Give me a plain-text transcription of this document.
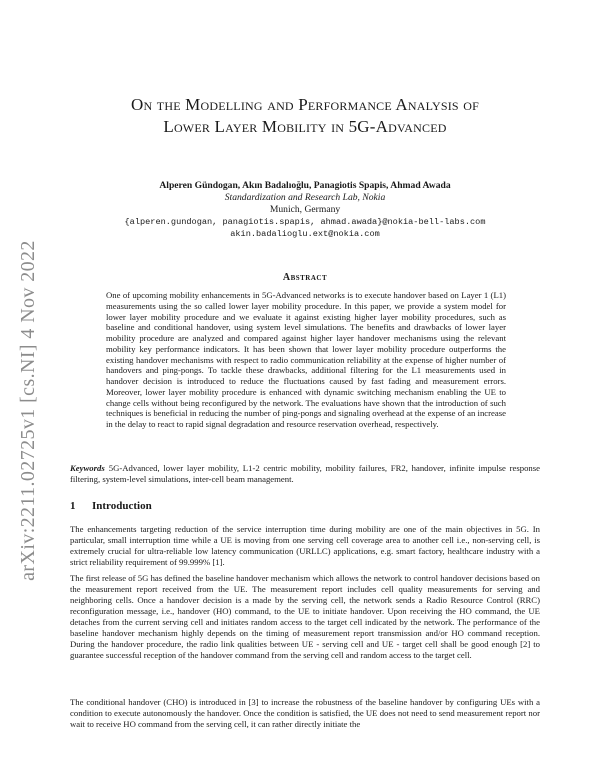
arXiv:2211.02725v1 [cs.NI] 4 Nov 2022
On the Modelling and Performance Analysis of
Lower Layer Mobility in 5G-Advanced
Alperen Gündogan, Akın Badalıoğlu, Panagiotis Spapis, Ahmad Awada
Standardization and Research Lab, Nokia
Munich, Germany
{alperen.gundogan, panagiotis.spapis, ahmad.awada}@nokia-bell-labs.com
akin.badalioglu.ext@nokia.com
Abstract
One of upcoming mobility enhancements in 5G-Advanced networks is to execute handover based on Layer 1 (L1) measurements using the so called lower layer mobility procedure. In this paper, we provide a system model for lower layer mobility procedure and we evaluate it against existing higher layer mobility procedures, such as baseline and conditional handover, using system level simulations. The benefits and drawbacks of lower layer mobility procedure are analyzed and compared against higher layer handover mechanisms using the relevant mobility key performance indicators. It has been shown that lower layer mobility procedure outperforms the existing handover mechanisms with respect to radio communication reliability at the expense of higher number of handovers and ping-pongs. To tackle these drawbacks, additional filtering for the L1 measurements used in handover decision is introduced to reduce the fluctuations caused by fast fading and measurement errors. Moreover, lower layer mobility procedure is enhanced with dynamic switching mechanism enabling the UE to change cells without being reconfigured by the network. The evaluations have shown that the introduction of such techniques is beneficial in reducing the number of ping-pongs and signaling overhead at the expense of an increase in the delay to react to rapid signal degradation and resource reservation overhead, respectively.
Keywords 5G-Advanced, lower layer mobility, L1-2 centric mobility, mobility failures, FR2, handover, infinite impulse response filtering, system-level simulations, inter-cell beam management.
1 Introduction
The enhancements targeting reduction of the service interruption time during mobility are one of the main objectives in 5G. In particular, small interruption time while a UE is moving from one serving cell coverage area to another cell i.e., non-serving cell, is extremely crucial for ultra-reliable low latency communication (URLLC) applications, e.g. smart factory, healthcare industry with a strict reliability requirement of 99.999% [1].
The first release of 5G has defined the baseline handover mechanism which allows the network to control handover decisions based on the measurement report received from the UE. The measurement report includes cell quality measurements for serving and neighboring cells. Once a handover decision is a made by the serving cell, the network sends a Radio Resource Control (RRC) reconfiguration message, i.e., handover (HO) command, to the UE to initiate handover. Upon receiving the HO command, the UE detaches from the current serving cell and initiates random access to the target cell indicated by the network. The performance of the baseline handover mechanism highly depends on the timing of measurement report transmission and/or HO command reception. During the handover procedure, the radio link qualities between UE - serving cell and UE - target cell shall be good enough [2] to guarantee successful reception of the handover command from the serving cell and random access to the target cell.
The conditional handover (CHO) is introduced in [3] to increase the robustness of the baseline handover by configuring UEs with a condition to execute autonomously the handover. Once the condition is satisfied, the UE does not need to send measurement report nor wait to receive HO command from the serving cell, it can rather directly initiate the
